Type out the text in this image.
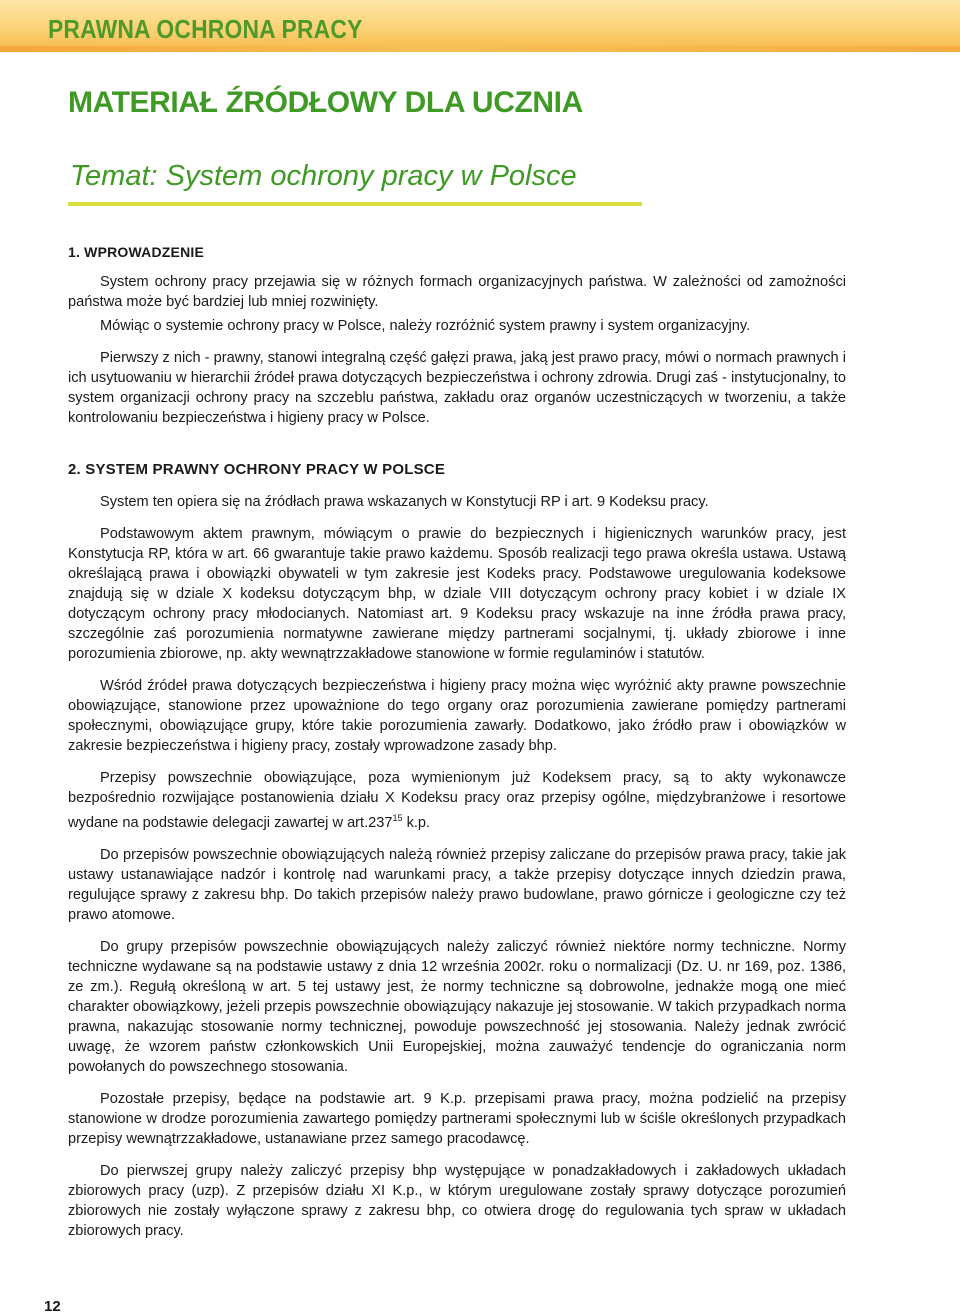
PRAWNA OCHRONA PRACY
MATERIAŁ ŹRÓDŁOWY DLA UCZNIA
Temat: System ochrony pracy w Polsce
1. WPROWADZENIE

System ochrony pracy przejawia się w różnych formach organizacyjnych państwa. W zależności od zamożności państwa może być bardziej lub mniej rozwinięty.

Mówiąc o systemie ochrony pracy w Polsce, należy rozróżnić system prawny i system organizacyjny.

Pierwszy z nich - prawny, stanowi integralną część gałęzi prawa, jaką jest prawo pracy, mówi o normach prawnych i ich usytuowaniu w hierarchii źródeł prawa dotyczących bezpieczeństwa i ochrony zdrowia. Drugi zaś - instytucjonalny, to system organizacji ochrony pracy na szczeblu państwa, zakładu oraz organów uczestniczących w tworzeniu, a także kontrolowaniu bezpieczeństwa i higieny pracy w Polsce.

2. SYSTEM PRAWNY OCHRONY PRACY W POLSCE

System ten opiera się na źródłach prawa wskazanych w Konstytucji RP i art. 9 Kodeksu pracy.

Podstawowym aktem prawnym, mówiącym o prawie do bezpiecznych i higienicznych warunków pracy, jest Konstytucja RP, która w art. 66 gwarantuje takie prawo każdemu. Sposób realizacji tego prawa określa ustawa. Ustawą określającą prawa i obowiązki obywateli w tym zakresie jest Kodeks pracy. Podstawowe uregulowania kodeksowe znajdują się w dziale X kodeksu dotyczącym bhp, w dziale VIII dotyczącym ochrony pracy kobiet i w dziale IX dotyczącym ochrony pracy młodocianych. Natomiast art. 9 Kodeksu pracy wskazuje na inne źródła prawa pracy, szczególnie zaś porozumienia normatywne zawierane między partnerami socjalnymi, tj. układy zbiorowe i inne porozumienia zbiorowe, np. akty wewnątrzzakładowe stanowione w formie regulaminów i statutów.

Wśród źródeł prawa dotyczących bezpieczeństwa i higieny pracy można więc wyróżnić akty prawne powszechnie obowiązujące, stanowione przez upoważnione do tego organy oraz porozumienia zawierane pomiędzy partnerami społecznymi, obowiązujące grupy, które takie porozumienia zawarły. Dodatkowo, jako źródło praw i obowiązków w zakresie bezpieczeństwa i higieny pracy, zostały wprowadzone zasady bhp.

Przepisy powszechnie obowiązujące, poza wymienionym już Kodeksem pracy, są to akty wykonawcze bezpośrednio rozwijające postanowienia działu X Kodeksu pracy oraz przepisy ogólne, międzybranżowe i resortowe wydane na podstawie delegacji zawartej w art.237$^{15}$ k.p.

Do przepisów powszechnie obowiązujących należą również przepisy zaliczane do przepisów prawa pracy, takie jak ustawy ustanawiające nadzór i kontrolę nad warunkami pracy, a także przepisy dotyczące innych dziedzin prawa, regulujące sprawy z zakresu bhp. Do takich przepisów należy prawo budowlane, prawo górnicze i geologiczne czy też prawo atomowe.

Do grupy przepisów powszechnie obowiązujących należy zaliczyć również niektóre normy techniczne. Normy techniczne wydawane są na podstawie ustawy z dnia 12 września 2002r. roku o normalizacji (Dz. U. nr 169, poz. 1386, ze zm.). Regułą określoną w art. 5 tej ustawy jest, że normy techniczne są dobrowolne, jednakże mogą one mieć charakter obowiązkowy, jeżeli przepis powszechnie obowiązujący nakazuje jej stosowanie. W takich przypadkach norma prawna, nakazując stosowanie normy technicznej, powoduje powszechność jej stosowania. Należy jednak zwrócić uwagę, że wzorem państw członkowskich Unii Europejskiej, można zauważyć tendencje do ograniczania norm powołanych do powszechnego stosowania.

Pozostałe przepisy, będące na podstawie art. 9 K.p. przepisami prawa pracy, można podzielić na przepisy stanowione w drodze porozumienia zawartego pomiędzy partnerami społecznymi lub w ściśle określonych przypadkach przepisy wewnątrzzakładowe, ustanawiane przez samego pracodawcę.

Do pierwszej grupy należy zaliczyć przepisy bhp występujące w ponadzakładowych i zakładowych układach zbiorowych pracy (uzp). Z przepisów działu XI K.p., w którym uregulowane zostały sprawy dotyczące porozumień zbiorowych nie zostały wyłączone sprawy z zakresu bhp, co otwiera drogę do regulowania tych spraw w układach zbiorowych pracy.

12
